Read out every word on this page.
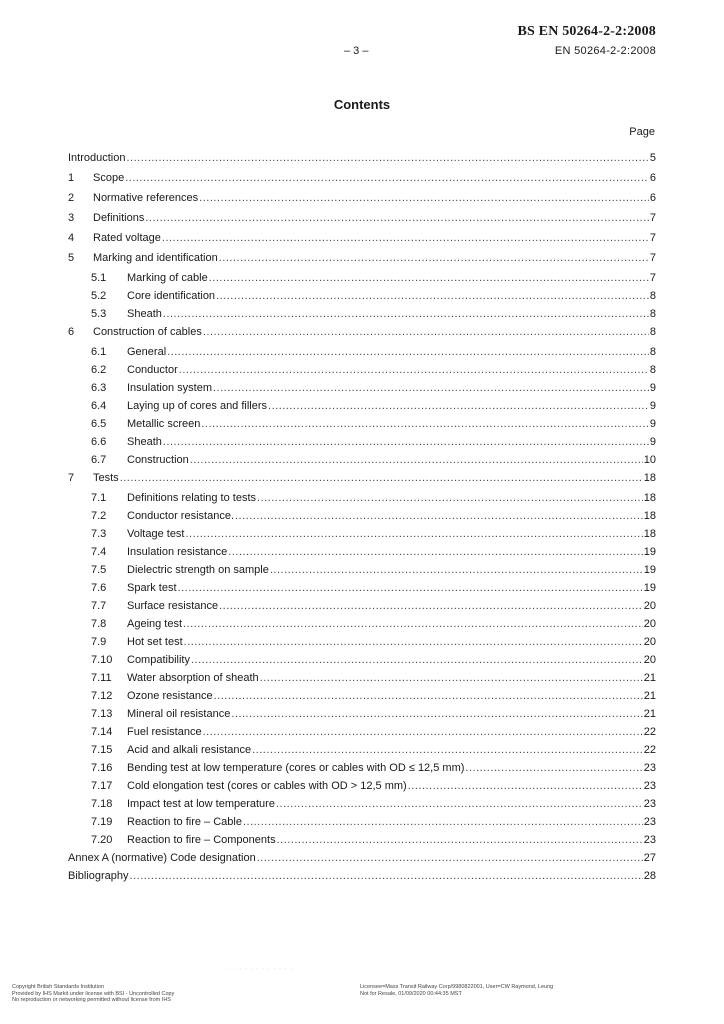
BS EN 50264-2-2:2008
– 3 –	EN 50264-2-2:2008
Contents
Page
Introduction .....	5
1	Scope .....	6
2	Normative references .....	6
3	Definitions .....	7
4	Rated voltage .....	7
5	Marking and identification .....	7
5.1	Marking of cable .....	7
5.2	Core identification .....	8
5.3	Sheath .....	8
6	Construction of cables .....	8
6.1	General .....	8
6.2	Conductor .....	8
6.3	Insulation system .....	9
6.4	Laying up of cores and fillers .....	9
6.5	Metallic screen .....	9
6.6	Sheath .....	9
6.7	Construction .....	10
7	Tests .....	18
7.1	Definitions relating to tests .....	18
7.2	Conductor resistance. .....	18
7.3	Voltage test .....	18
7.4	Insulation resistance .....	19
7.5	Dielectric strength on sample .....	19
7.6	Spark test .....	19
7.7	Surface resistance .....	20
7.8	Ageing test .....	20
7.9	Hot set test .....	20
7.10	Compatibility .....	20
7.11	Water absorption of sheath .....	21
7.12	Ozone resistance .....	21
7.13	Mineral oil resistance .....	21
7.14	Fuel resistance .....	22
7.15	Acid and alkali resistance .....	22
7.16	Bending test at low temperature (cores or cables with OD ≤ 12,5 mm) .....	23
7.17	Cold elongation test (cores or cables with OD > 12,5 mm) .....	23
7.18	Impact test at low temperature .....	23
7.19	Reaction to fire – Cable .....	23
7.20	Reaction to fire – Components .....	23
Annex A (normative) Code designation .....	27
Bibliography .....	28
· · · · · · · · · · · ·
Copyright British Standards Institution
Provided by IHS Markit under license with BSI - Uncontrolled Copy
No reproduction or networking permitted without license from IHS
Licensee=Mass Transit Railway Corp/9980822001, User=CW Raymond, Leung
Not for Resale, 01/09/2020 00:44:35 MST
